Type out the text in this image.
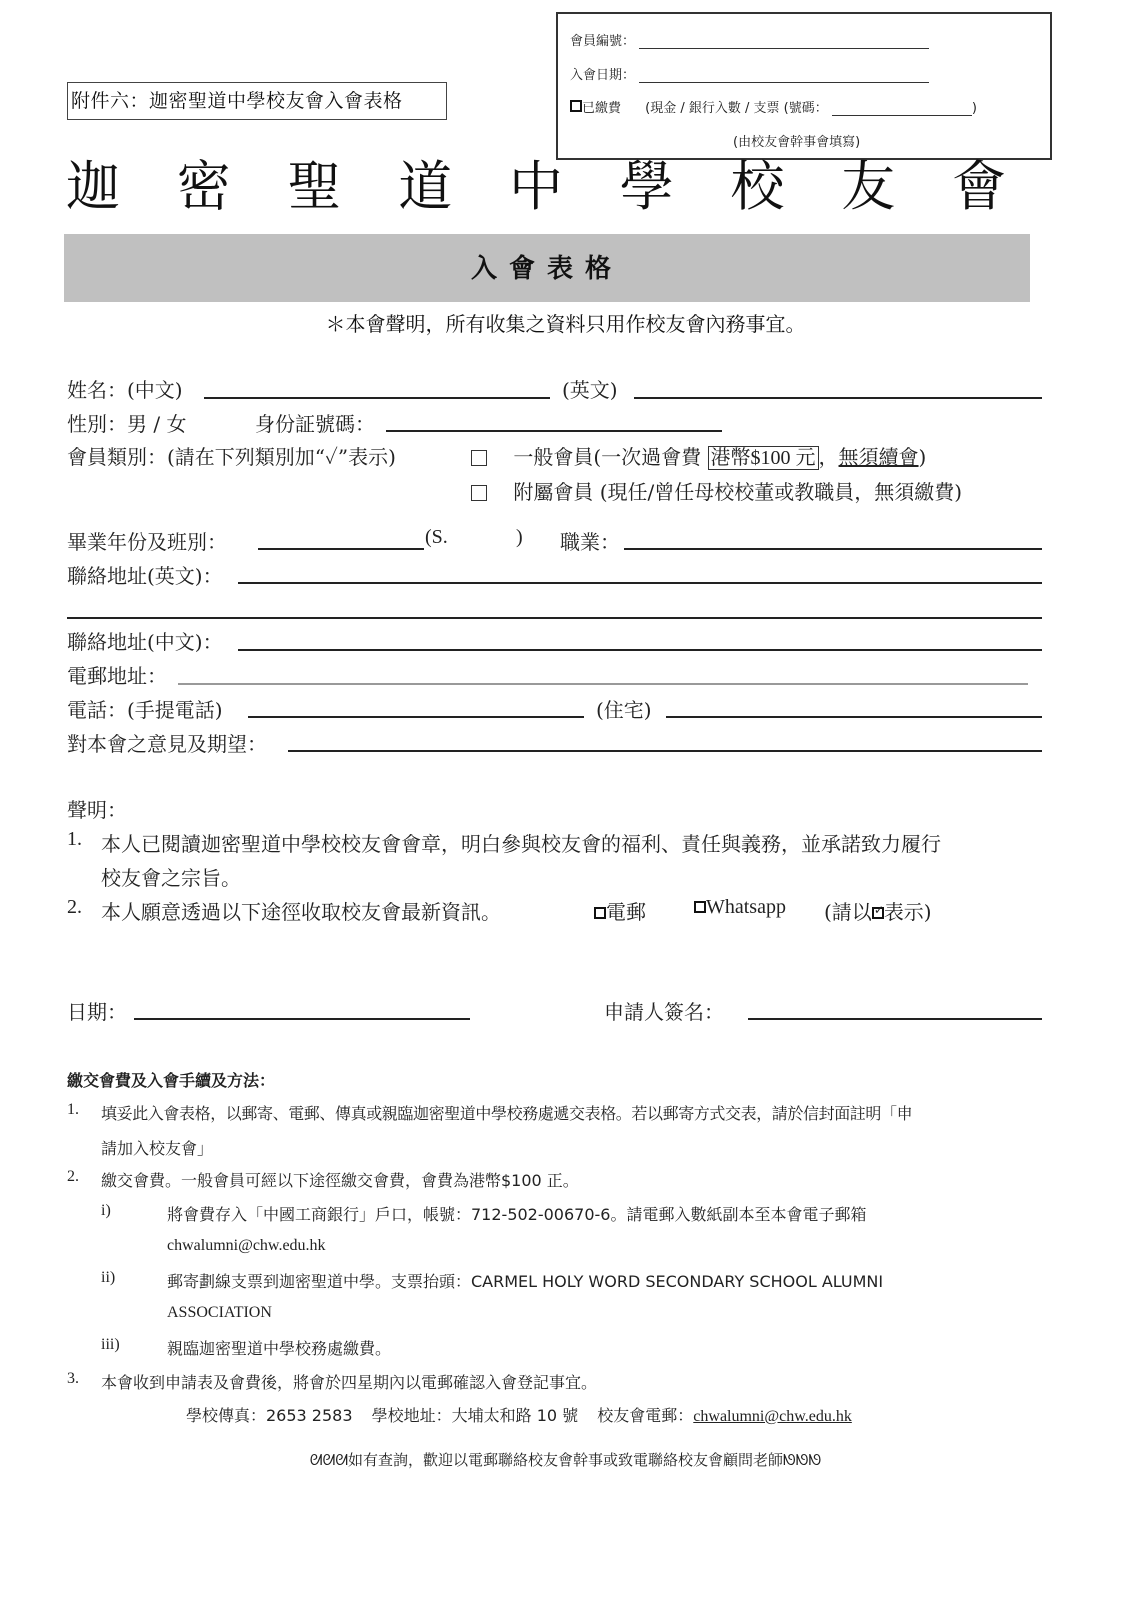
會員編號：
入會日期：
已繳費 (現金 / 銀行入數 / 支票 (號碼：	)
(由校友會幹事會填寫)
附件六：迦密聖道中學校友會入會表格
迦 密 聖 道 中 學 校 友 會
入會表格
＊本會聲明，所有收集之資料只用作校友會內務事宜。
姓名：(中文)	(英文)
性別：男 / 女	身份証號碼：
會員類別：(請在下列類別加“✓”表示)	一般會員(一次過會費 港幣$100 元 ，無須續會)
附屬會員 (現任/曾任母校校董或教職員，無須繳費)
畢業年份及班別：	(S.	) 職業：
聯絡地址(英文)：
聯絡地址(中文)：
電郵地址：
電話：(手提電話)	(住宅)
對本會之意見及期望：
聲明：
1. 本人已閱讀迦密聖道中學校校友會會章，明白參與校友會的福利、責任與義務，並承諾致力履行
校友會之宗旨。
2. 本人願意透過以下途徑收取校友會最新資訊。	電郵	Whatsapp (請以 ✓ 表示)
日期：	申請人簽名：
繳交會費及入會手續及方法：
1. 填妥此入會表格，以郵寄、電郵、傳真或親臨迦密聖道中學校務處遞交表格。若以郵寄方式交表，請於信封面註明「申
請加入校友會」
2. 繳交會費。一般會員可經以下途徑繳交會費，會費為港幣$100 正。
i)	將會費存入「中國工商銀行」戶口，帳號：712-502-00670-6。請電郵入數紙副本至本會電子郵箱
chwalumni@chw.edu.hk
ii)	郵寄劃線支票到迦密聖道中學。支票抬頭：CARMEL HOLY WORD SECONDARY SCHOOL ALUMNI
ASSOCIATION
iii)	親臨迦密聖道中學校務處繳費。
3. 本會收到申請表及會費後，將會於四星期內以電郵確認入會登記事宜。
學校傳真：2653 2583 學校地址：大埔太和路 10 號 校友會電郵：chwalumni@chw.edu.hk
ᘛᘛᘛ如有查詢，歡迎以電郵聯絡校友會幹事或致電聯絡校友會顧問老師ᘚᘚᘚ
